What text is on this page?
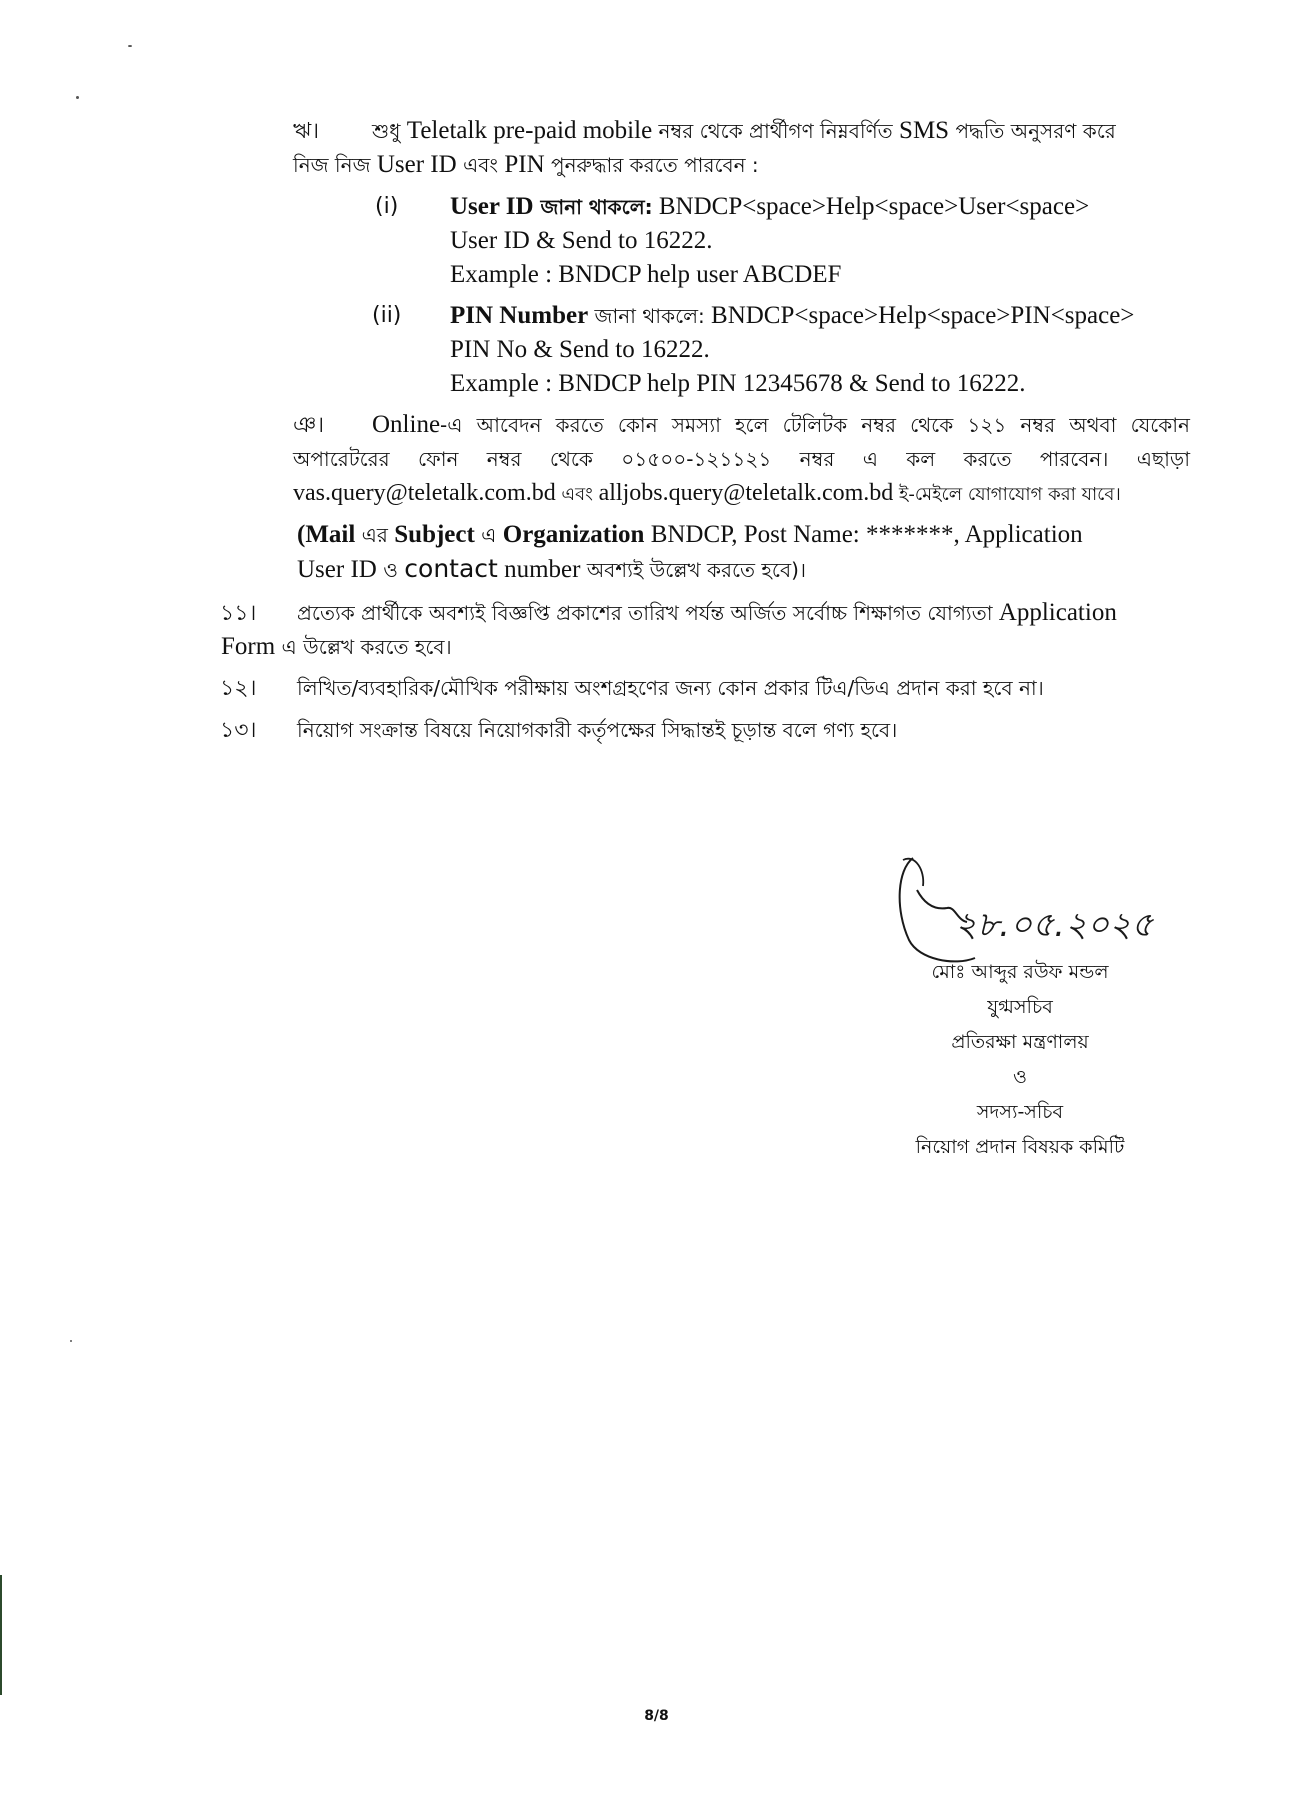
ঋ।	শুধু Teletalk pre-paid mobile নম্বর থেকে প্রার্থীগণ নিম্নবর্ণিত SMS পদ্ধতি অনুসরণ করে
নিজ নিজ User ID এবং PIN পুনরুদ্ধার করতে পারবেন :
(i) User ID জানা থাকলে: BNDCP<space>Help<space>User<space>
User ID & Send to 16222.
Example : BNDCP help user ABCDEF
(ii) PIN Number জানা থাকলে: BNDCP<space>Help<space>PIN<space>
PIN No & Send to 16222.
Example : BNDCP help PIN 12345678 & Send to 16222.
ঞ। Online-এ আবেদন করতে কোন সমস্যা হলে টেলিটক নম্বর থেকে ১২১ নম্বর অথবা যেকোন
অপারেটরের ফোন নম্বর থেকে ০১৫০০-১২১১২১ নম্বর এ কল করতে পারবেন। এছাড়া
vas.query@teletalk.com.bd এবং alljobs.query@teletalk.com.bd ই-মেইলে যোগাযোগ করা যাবে।
(Mail এর Subject এ Organization BNDCP, Post Name: *******, Application
User ID ও contact number অবশ্যই উল্লেখ করতে হবে)।
১১। প্রত্যেক প্রার্থীকে অবশ্যই বিজ্ঞপ্তি প্রকাশের তারিখ পর্যন্ত অর্জিত সর্বোচ্চ শিক্ষাগত যোগ্যতা Application
Form এ উল্লেখ করতে হবে।
১২। লিখিত/ব্যবহারিক/মৌখিক পরীক্ষায় অংশগ্রহণের জন্য কোন প্রকার টিএ/ডিএ প্রদান করা হবে না।
১৩। নিয়োগ সংক্রান্ত বিষয়ে নিয়োগকারী কর্তৃপক্ষের সিদ্ধান্তই চূড়ান্ত বলে গণ্য হবে।
২৮.০৫.২০২৫
মোঃ আব্দুর রউফ মন্ডল
যুগ্মসচিব
প্রতিরক্ষা মন্ত্রণালয়
ও
সদস্য-সচিব
নিয়োগ প্রদান বিষয়ক কমিটি
8/8
